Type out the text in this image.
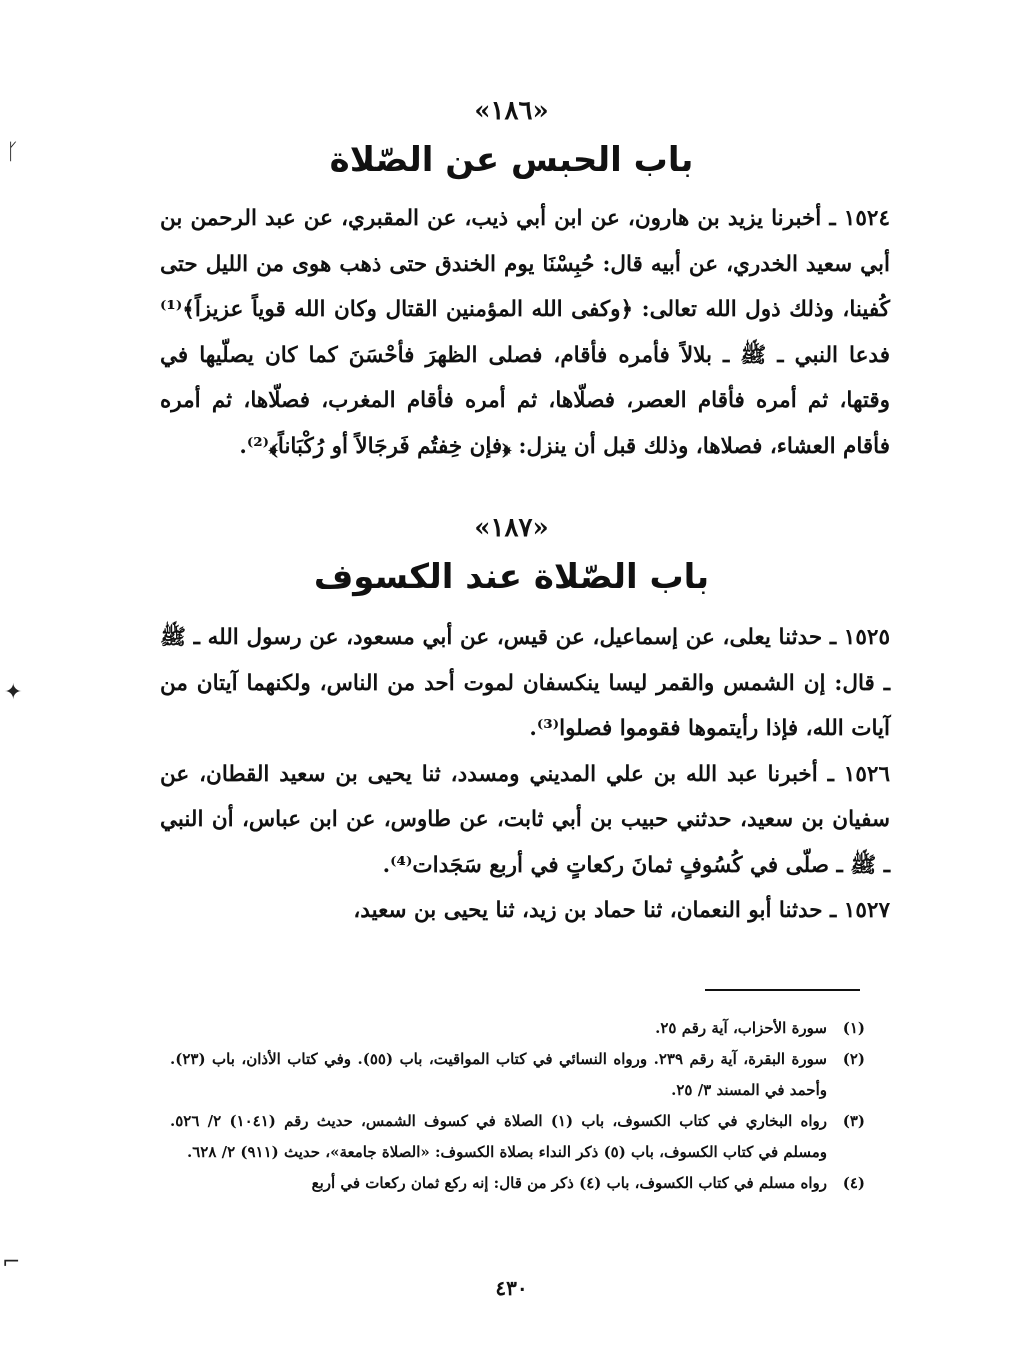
ᚴ
✦
⌐
«١٨٦»
باب الحبس عن الصّلاة

١٥٢٤ ـ أخبرنا يزيد بن هارون، عن ابن أبي ذيب، عن المقبري، عن عبد الرحمن بن أبي سعيد الخدري، عن أبيه قال: حُبِسْنَا يوم الخندق حتى ذهب هوى من الليل حتى كُفينا، وذلك ذول الله تعالى: ﴿وكفى الله المؤمنين القتال وكان الله قوياً عزيزاً﴾⁽¹⁾ فدعا النبي ـ ﷺ ـ بلالاً فأمره فأقام، فصلى الظهرَ فأحْسَنَ كما كان يصلّيها في وقتها، ثم أمره فأقام العصر، فصلّاها، ثم أمره فأقام المغرب، فصلّاها، ثم أمره فأقام العشاء، فصلاها، وذلك قبل أن ينزل: ﴿فإن خِفتُم فَرجَالاً أو رُكْبَاناً﴾⁽²⁾.

«١٨٧»
باب الصّلاة عند الكسوف

١٥٢٥ ـ حدثنا يعلى، عن إسماعيل، عن قيس، عن أبي مسعود، عن رسول الله ـ ﷺ ـ قال: إن الشمس والقمر ليسا ينكسفان لموت أحد من الناس، ولكنهما آيتان من آيات الله، فإذا رأيتموها فقوموا فصلوا⁽³⁾.

١٥٢٦ ـ أخبرنا عبد الله بن علي المديني ومسدد، ثنا يحيى بن سعيد القطان، عن سفيان بن سعيد، حدثني حبيب بن أبي ثابت، عن طاوس، عن ابن عباس، أن النبي ـ ﷺ ـ صلّى في كُسُوفٍ ثمانَ ركعاتٍ في أربع سَجَدات⁽⁴⁾.

١٥٢٧ ـ حدثنا أبو النعمان، ثنا حماد بن زيد، ثنا يحيى بن سعيد،

(١)
سورة الأحزاب، آية رقم ٢٥.
(٢)
سورة البقرة، آية رقم ٢٣٩. ورواه النسائي في كتاب المواقيت، باب (٥٥). وفي كتاب الأذان، باب (٢٣). وأحمد في المسند ٣/ ٢٥.
(٣)
رواه البخاري في كتاب الكسوف، باب (١) الصلاة في كسوف الشمس، حديث رقم (١٠٤١) ٢/ ٥٢٦. ومسلم في كتاب الكسوف، باب (٥) ذكر النداء بصلاة الكسوف: «الصلاة جامعة»، حديث (٩١١) ٢/ ٦٢٨.
(٤)
رواه مسلم في كتاب الكسوف، باب (٤) ذكر من قال: إنه ركع ثمان ركعات في أربع
٤٣٠
